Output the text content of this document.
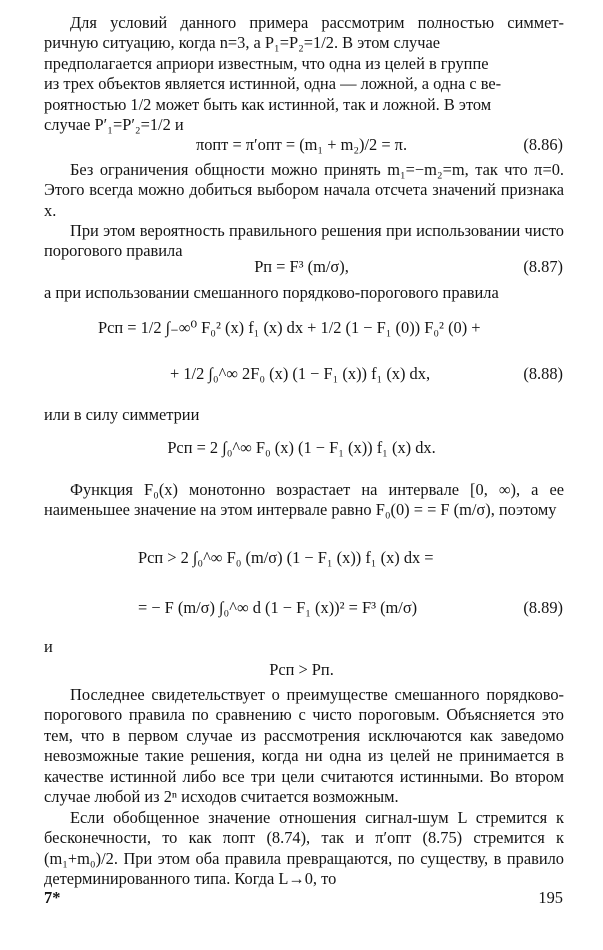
Для условий данного примера рассмотрим полностью симмет-
ричную ситуацию, когда n=3, а P₁=P₂=1/2. В этом случае
предполагается априори известным, что одна из целей в группе
из трех объектов является истинной, одна — ложной, а одна с ве-
роятностью 1/2 может быть как истинной, так и ложной. В этом
случае P′₁=P′₂=1/2 и

πопт = π′опт = (m₁ + m₂)/2 = π.	(8.86)

Без ограничения общности можно принять m₁=−m₂=m, так что π=0. Этого всегда можно добиться выбором начала отсчета значений признака x.

При этом вероятность правильного решения при использовании чисто порогового правила

Pп = F³ (m/σ),	(8.87)

а при использовании смешанного порядково-порогового правила

Pсп = 1/2 ∫₋∞⁰ F₀² (x) f₁ (x) dx + 1/2 (1 − F₁ (0)) F₀² (0) +
+ 1/2 ∫₀^∞ 2F₀ (x) (1 − F₁ (x)) f₁ (x) dx,	(8.88)

или в силу симметрии

Pсп = 2 ∫₀^∞ F₀ (x) (1 − F₁ (x)) f₁ (x) dx.

Функция F₀(x) монотонно возрастает на интервале [0, ∞), а ее наименьшее значение на этом интервале равно F₀(0) = = F (m/σ), поэтому

Pсп > 2 ∫₀^∞ F₀ (m/σ) (1 − F₁ (x)) f₁ (x) dx =
= − F (m/σ) ∫₀^∞ d (1 − F₁ (x))² = F³ (m/σ)	(8.89)

и

Pсп > Pп.

Последнее свидетельствует о преимуществе смешанного порядково-порогового правила по сравнению с чисто пороговым. Объясняется это тем, что в первом случае из рассмотрения исключаются как заведомо невозможные такие решения, когда ни одна из целей не принимается в качестве истинной либо все три цели считаются истинными. Во втором случае любой из 2ⁿ исходов считается возможным.

Если обобщенное значение отношения сигнал-шум L стремится к бесконечности, то как πопт (8.74), так и π′опт (8.75) стремится к (m₁+m₀)/2. При этом оба правила превращаются, по существу, в правило детерминированного типа. Когда L→0, то

7*	195
